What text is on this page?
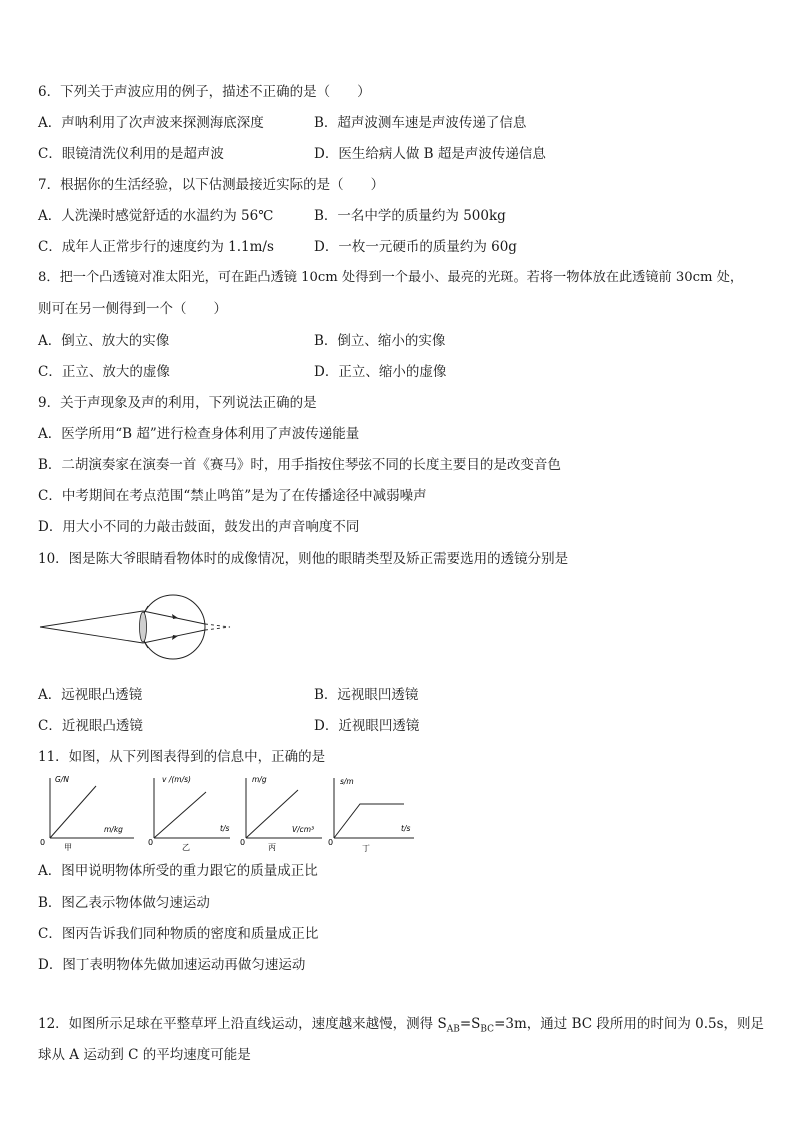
6．下列关于声波应用的例子，描述不正确的是（　　）
A．声呐利用了次声波来探测海底深度	B．超声波测车速是声波传递了信息
C．眼镜清洗仪利用的是超声波	D．医生给病人做 B 超是声波传递信息
7．根据你的生活经验，以下估测最接近实际的是（　　）
A．人洗澡时感觉舒适的水温约为 56℃	B．一名中学的质量约为 500kg
C．成年人正常步行的速度约为 1.1m/s	D．一枚一元硬币的质量约为 60g
8．把一个凸透镜对准太阳光，可在距凸透镜 10cm 处得到一个最小、最亮的光斑。若将一物体放在此透镜前 30cm 处，
则可在另一侧得到一个（　　）
A．倒立、放大的实像	B．倒立、缩小的实像
C．正立、放大的虚像	D．正立、缩小的虚像
9．关于声现象及声的利用，下列说法正确的是
A．医学所用“B 超”进行检查身体利用了声波传递能量
B．二胡演奏家在演奏一首《赛马》时，用手指按住琴弦不同的长度主要目的是改变音色
C．中考期间在考点范围“禁止鸣笛”是为了在传播途径中减弱噪声
D．用大小不同的力敲击鼓面，鼓发出的声音响度不同
10．图是陈大爷眼睛看物体时的成像情况，则他的眼睛类型及矫正需要选用的透镜分别是
A．远视眼凸透镜	B．远视眼凹透镜
C．近视眼凸透镜	D．近视眼凹透镜
11．如图，从下列图表得到的信息中，正确的是
G/N
m/kg
0
甲
v /(m/s)
t/s
0
乙
m/g
V/cm³
0
丙
s/m
t/s
0
丁
A．图甲说明物体所受的重力跟它的质量成正比
B．图乙表示物体做匀速运动
C．图丙告诉我们同种物质的密度和质量成正比
D．图丁表明物体先做加速运动再做匀速运动
12．如图所示足球在平整草坪上沿直线运动，速度越来越慢，测得 $S_{AB}=S_{BC}=3m$，通过 BC 段所用的时间为 0.5s，则足
球从 A 运动到 C 的平均速度可能是
